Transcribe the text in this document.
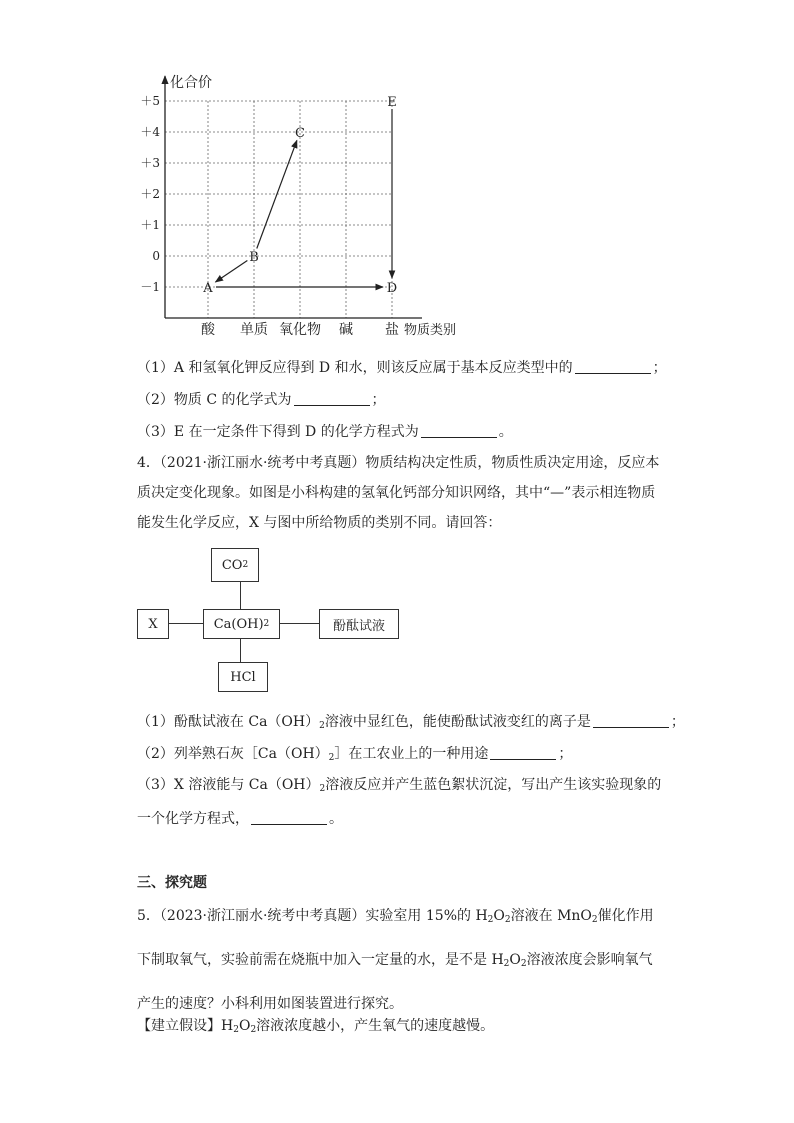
化合价
＋5
＋4
＋3
＋2
＋1
0
－1
酸 单质 氧化物 碱 盐 物质类别
A
B
C
D
E
（1）A 和氢氧化钾反应得到 D 和水，则该反应属于基本反应类型中的	；
（2）物质 C 的化学式为	；
（3）E 在一定条件下得到 D 的化学方程式为	。
4．（2021·浙江丽水·统考中考真题）物质结构决定性质，物质性质决定用途，反应本质决定变化现象。如图是小科构建的氢氧化钙部分知识网络，其中“—”表示相连物质能发生化学反应，X 与图中所给物质的类别不同。请回答：
CO 2
X	Ca(OH) 2	酚酞试液
HCl
（1）酚酞试液在 $Ca(OH)_2$溶液中显红色，能使酚酞试液变红的离子是	；
（2）列举熟石灰$[Ca(OH)_2]$在工农业上的一种用途	；
（3）X 溶液能与 $Ca(OH)_2$溶液反应并产生蓝色絮状沉淀，写出产生该实验现象的一个化学方程式，	。
三、探究题
5．（2023·浙江丽水·统考中考真题）实验室用 15%的 $H_2O_2$溶液在 MnO$_2$催化作用下制取氧气，实验前需在烧瓶中加入一定量的水，是不是 $H_2O_2$溶液浓度会影响氧气产生的速度？小科利用如图装置进行探究。
【建立假设】$H_2O_2$溶液浓度越小，产生氧气的速度越慢。
